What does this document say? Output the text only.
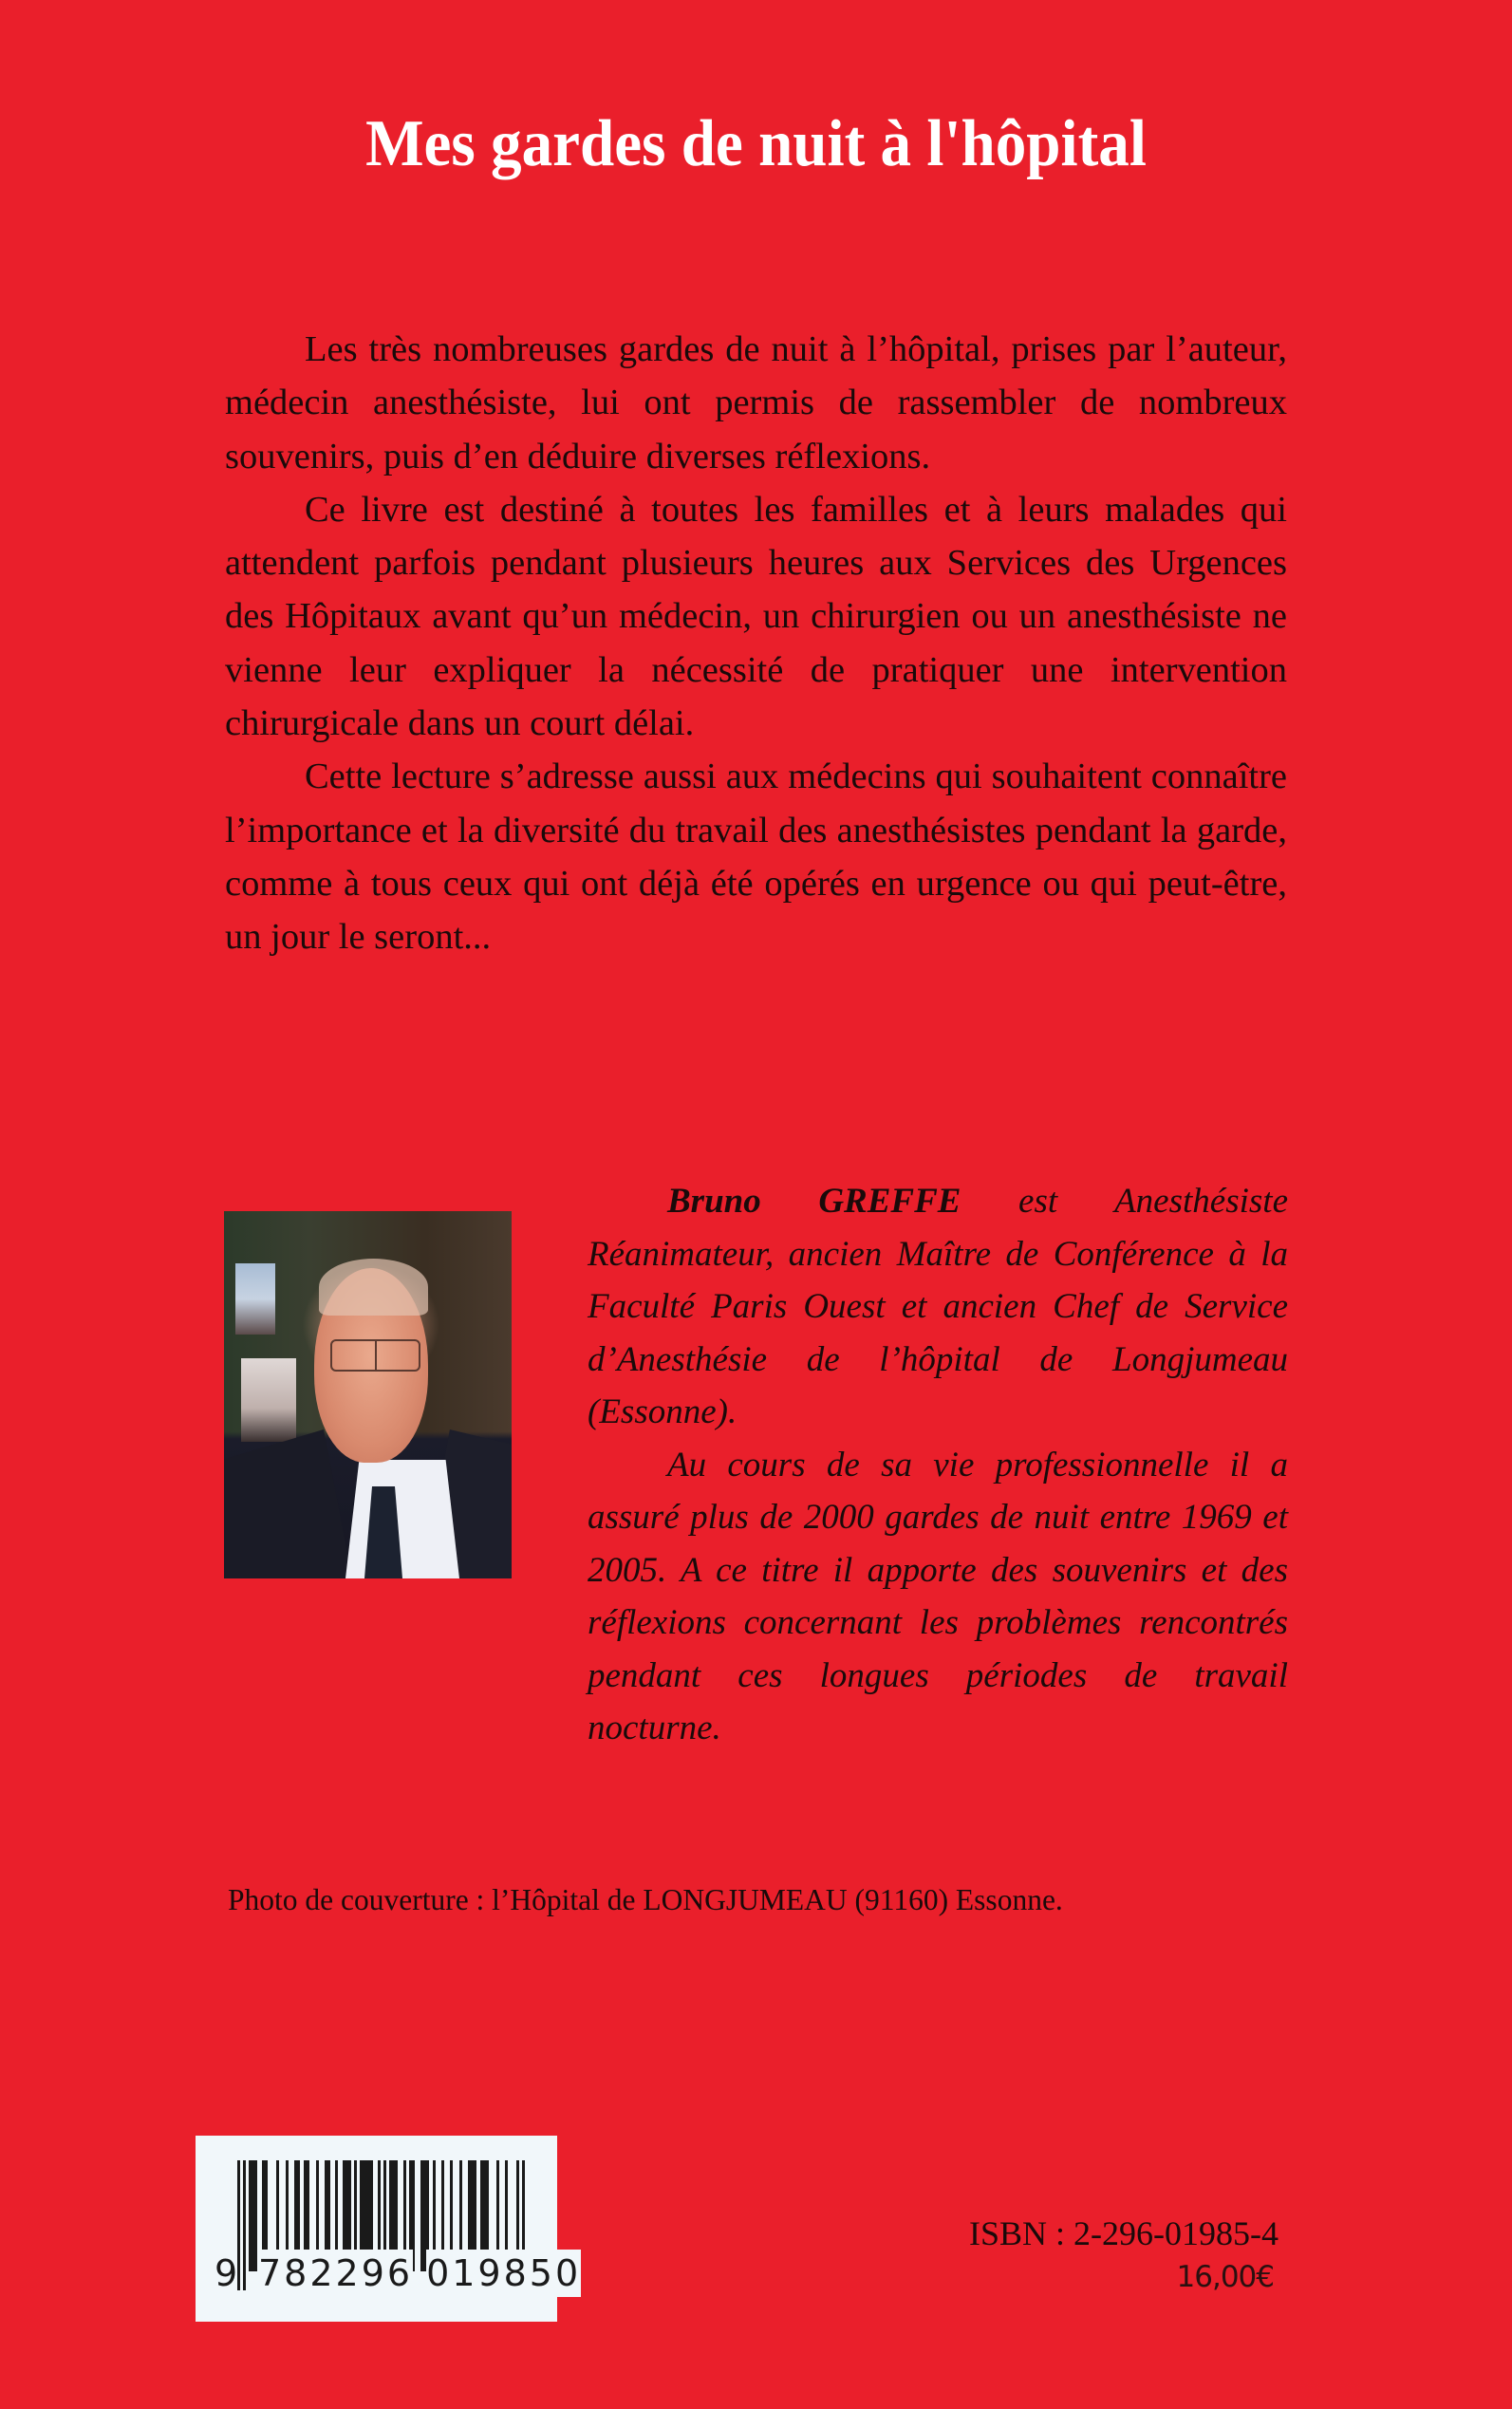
Mes gardes de nuit à l'hôpital

Les très nombreuses gardes de nuit à l’hôpital, prises par l’auteur, médecin anesthésiste, lui ont permis de rassembler de nombreux souvenirs, puis d’en déduire diverses réflexions.

Ce livre est destiné à toutes les familles et à leurs malades qui attendent parfois pendant plusieurs heures aux Services des Urgences des Hôpitaux avant qu’un médecin, un chirurgien ou un anesthésiste ne vienne leur expliquer la nécessité de pratiquer une intervention chirurgicale dans un court délai.

Cette lecture s’adresse aussi aux médecins qui souhaitent connaître l’importance et la diversité du travail des anesthésistes pendant la garde, comme à tous ceux qui ont déjà été opérés en urgence ou qui peut-être, un jour le seront...

Bruno GREFFE est Anesthésiste Réanimateur, ancien Maître de Conférence à la Faculté Paris Ouest et ancien Chef de Service d’Anesthésie de l’hôpital de Longjumeau (Essonne).

Au cours de sa vie professionnelle il a assuré plus de 2000 gardes de nuit entre 1969 et 2005. A ce titre il apporte des souvenirs et des réflexions concernant les problèmes rencontrés pendant ces longues périodes de travail nocturne.

Photo de couverture : l’Hôpital de LONGJUMEAU (91160) Essonne.
9 782296 019850
ISBN : 2-296-01985-4
16,00€
